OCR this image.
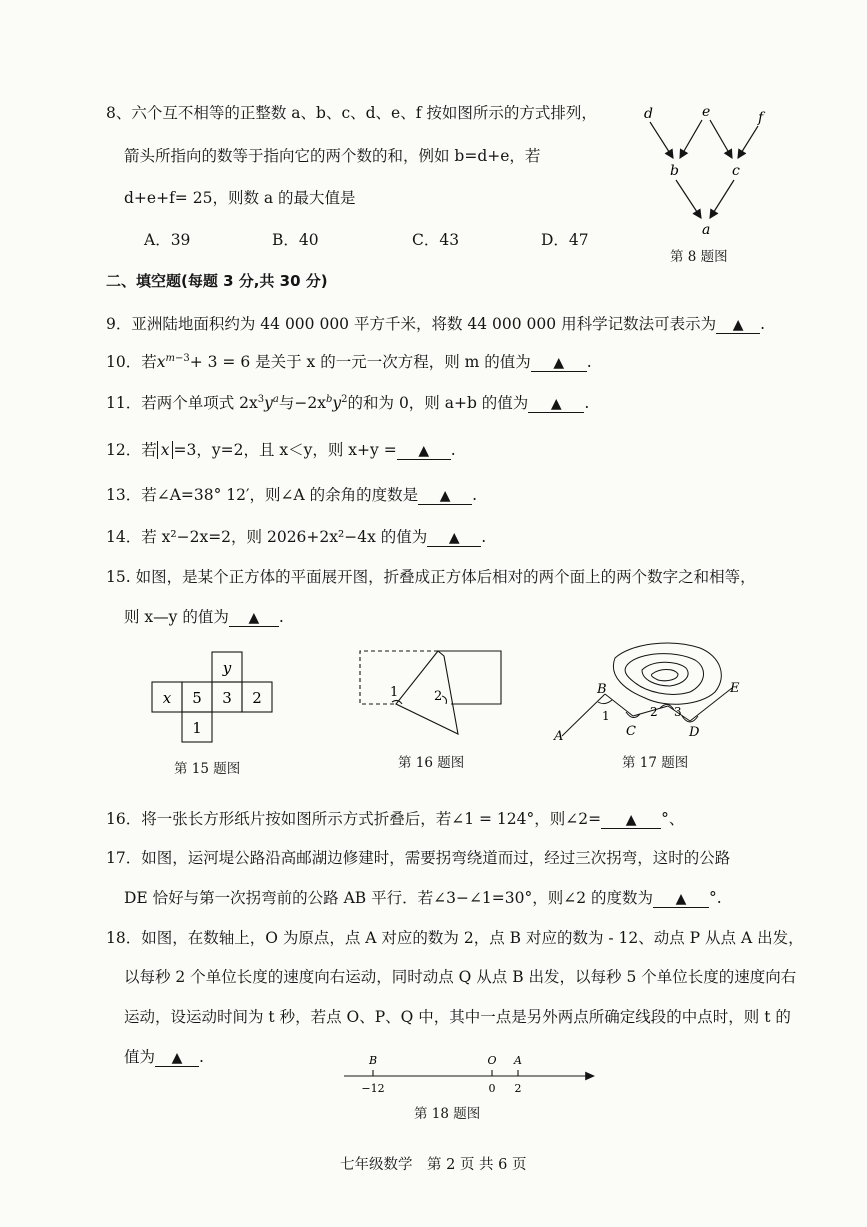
8、六个互不相等的正整数 a、b、c、d、e、f 按如图所示的方式排列，
箭头所指向的数等于指向它的两个数的和，例如 b=d+e，若
d+e+f= 25，则数 a 的最大值是
A．39	B．40	C．43	D．47
d	e	f
b	c
a
第 8 题图
二、填空题(每题 3 分,共 30 分)
9．亚洲陆地面积约为 44 000 000 平方千米，将数 44 000 000 用科学记数法可表示为 ▲ .
10．若$x^{m-3}+ 3 = 6$ 是关于 x 的一元一次方程，则 m 的值为 ▲ .
11．若两个单项式 $2x^3y^a$与$-2x^by^2$的和为 0，则 a+b 的值为 ▲ .
12．若 x =3，y=2，且 x＜y，则 x+y = ▲ .
13．若∠A=38° 12′，则∠A 的余角的度数是 ▲ .
14．若 x²−2x=2，则 2026+2x²−4x 的值为 ▲ .
15. 如图，是某个正方体的平面展开图，折叠成正方体后相对的两个面上的两个数字之和相等，
则 x—y 的值为 ▲ .
y
x 5 3 2
1
第 15 题图
1	2
第 16 题图
B	E
1	2 3
A	C	D
第 17 题图
16．将一张长方形纸片按如图所示方式折叠后，若∠1 = 124°，则∠2= ▲ °、
17．如图，运河堤公路沿高邮湖边修建时，需要拐弯绕道而过，经过三次拐弯，这时的公路
DE 恰好与第一次拐弯前的公路 AB 平行．若∠3−∠1=30°，则∠2 的度数为 ▲ °.
18．如图，在数轴上，O 为原点，点 A 对应的数为 2，点 B 对应的数为 - 12、动点 P 从点 A 出发，
以每秒 2 个单位长度的速度向右运动，同时动点 Q 从点 B 出发，以每秒 5 个单位长度的速度向右
运动，设运动时间为 t 秒，若点 O、P、Q 中，其中一点是另外两点所确定线段的中点时，则 t 的
值为 ▲ .	B	O A
−12	0 2
第 18 题图
七年级数学　第 2 页 共 6 页
